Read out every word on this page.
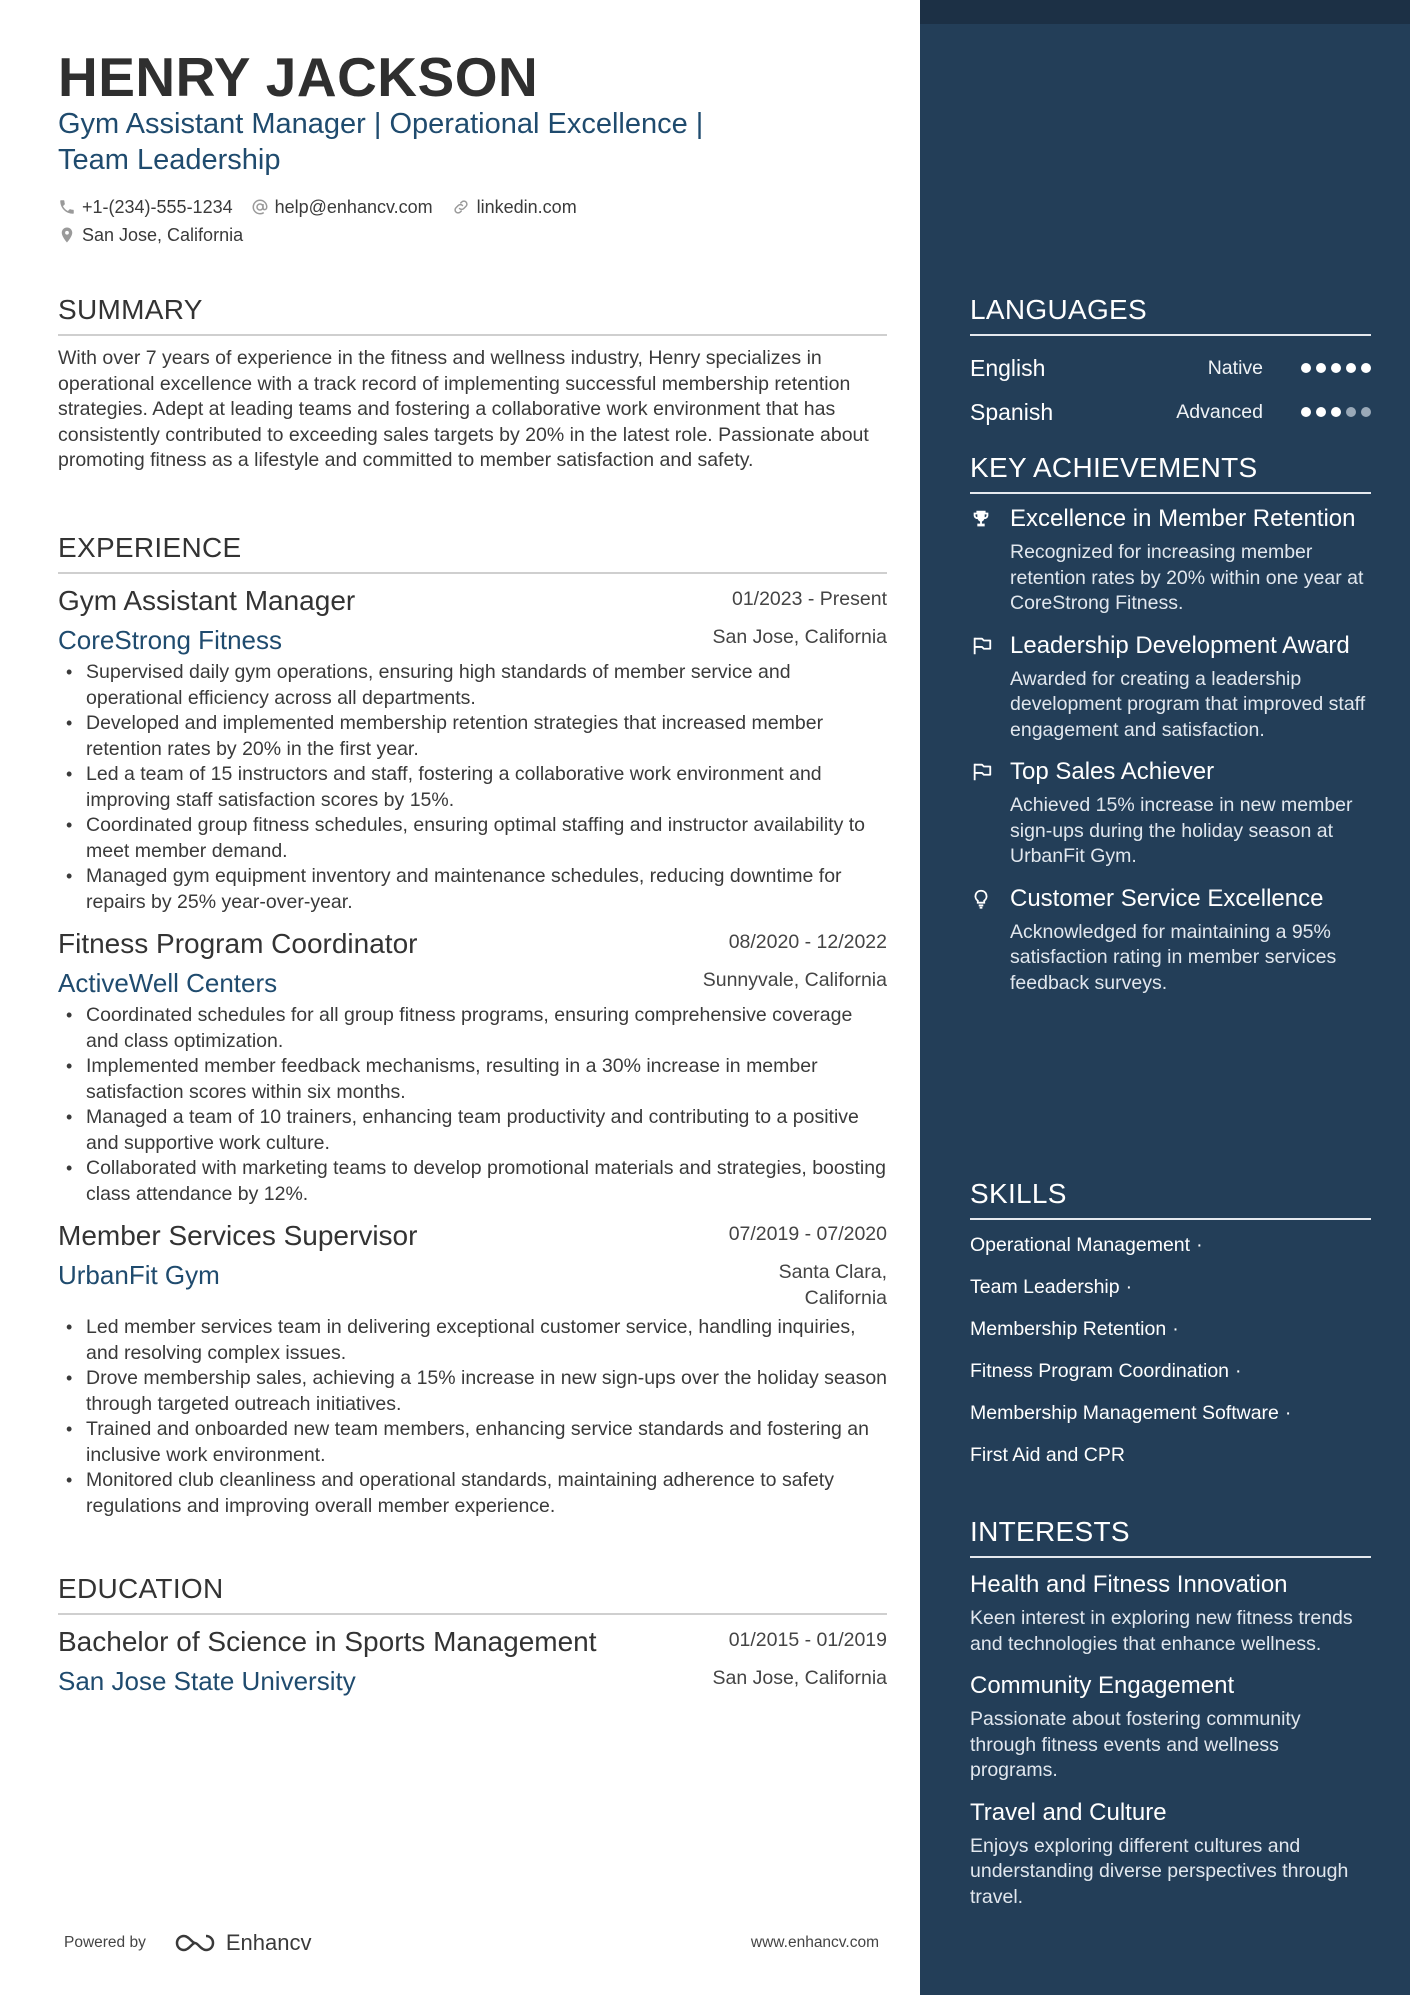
HENRY JACKSON
Gym Assistant Manager | Operational Excellence |
Team Leadership
+1-(234)-555-1234 help@enhancv.com linkedin.com
San Jose, California
SUMMARY
With over 7 years of experience in the fitness and wellness industry, Henry specializes in operational excellence with a track record of implementing successful membership retention strategies. Adept at leading teams and fostering a collaborative work environment that has consistently contributed to exceeding sales targets by 20% in the latest role. Passionate about promoting fitness as a lifestyle and committed to member satisfaction and safety.
EXPERIENCE
Gym Assistant Manager	01/2023 - Present
CoreStrong Fitness	San Jose, California
• Supervised daily gym operations, ensuring high standards of member service and operational efficiency across all departments.
• Developed and implemented membership retention strategies that increased member retention rates by 20% in the first year.
• Led a team of 15 instructors and staff, fostering a collaborative work environment and improving staff satisfaction scores by 15%.
• Coordinated group fitness schedules, ensuring optimal staffing and instructor availability to meet member demand.
• Managed gym equipment inventory and maintenance schedules, reducing downtime for repairs by 25% year-over-year.
Fitness Program Coordinator	08/2020 - 12/2022
ActiveWell Centers	Sunnyvale, California
• Coordinated schedules for all group fitness programs, ensuring comprehensive coverage and class optimization.
• Implemented member feedback mechanisms, resulting in a 30% increase in member satisfaction scores within six months.
• Managed a team of 10 trainers, enhancing team productivity and contributing to a positive and supportive work culture.
• Collaborated with marketing teams to develop promotional materials and strategies, boosting class attendance by 12%.
Member Services Supervisor	07/2019 - 07/2020
UrbanFit Gym	Santa Clara, California
• Led member services team in delivering exceptional customer service, handling inquiries, and resolving complex issues.
• Drove membership sales, achieving a 15% increase in new sign-ups over the holiday season through targeted outreach initiatives.
• Trained and onboarded new team members, enhancing service standards and fostering an inclusive work environment.
• Monitored club cleanliness and operational standards, maintaining adherence to safety regulations and improving overall member experience.
EDUCATION
Bachelor of Science in Sports Management	01/2015 - 01/2019
San Jose State University	San Jose, California
Powered by	Enhancv	www.enhancv.com
LANGUAGES
English	Native
Spanish	Advanced
KEY ACHIEVEMENTS
Excellence in Member Retention
Recognized for increasing member retention rates by 20% within one year at CoreStrong Fitness.
Leadership Development Award
Awarded for creating a leadership development program that improved staff engagement and satisfaction.
Top Sales Achiever
Achieved 15% increase in new member sign-ups during the holiday season at UrbanFit Gym.
Customer Service Excellence
Acknowledged for maintaining a 95% satisfaction rating in member services feedback surveys.
SKILLS
Operational Management ·
Team Leadership ·
Membership Retention ·
Fitness Program Coordination ·
Membership Management Software ·
First Aid and CPR
INTERESTS
Health and Fitness Innovation
Keen interest in exploring new fitness trends and technologies that enhance wellness.
Community Engagement
Passionate about fostering community through fitness events and wellness programs.
Travel and Culture
Enjoys exploring different cultures and understanding diverse perspectives through travel.
